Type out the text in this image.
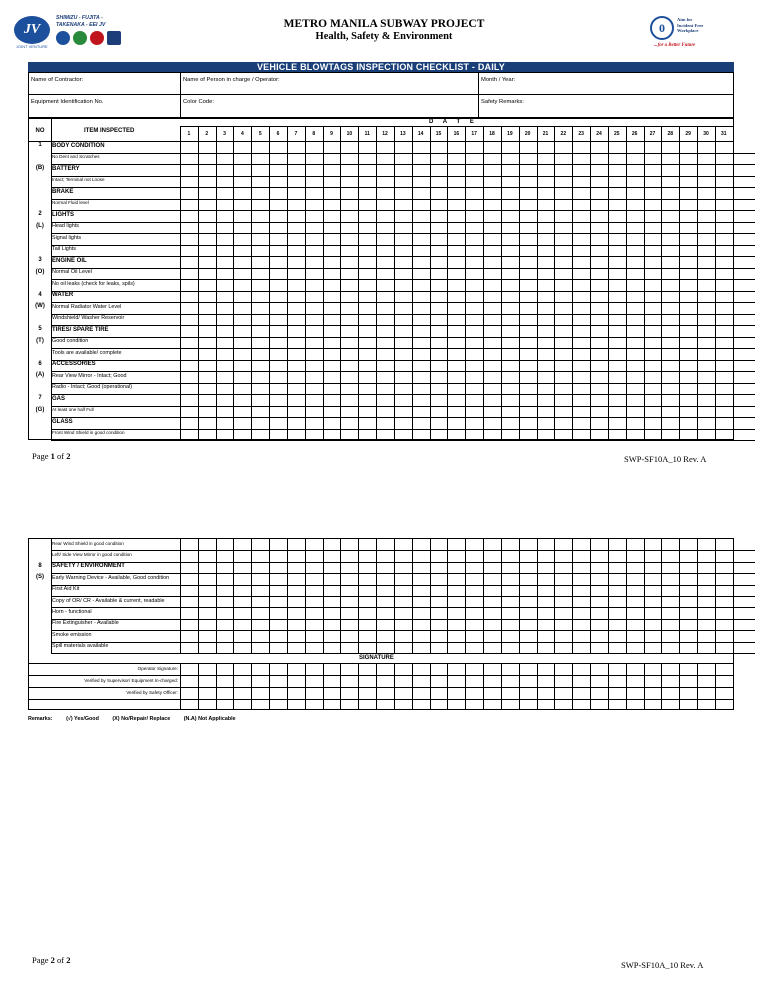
JV
JOINT VENTURE
SHIMIZU - FUJITA -
TAKENAKA - EEI JV	METRO MANILA SUBWAY PROJECT
Health, Safety & Environment
0
Aim for
Incident Free
Workplace
...for a Better Future
VEHICLE BLOWTAGS INSPECTION CHECKLIST - DAILY
Name of Contractor:	Name of Person in charge / Operator:	Month / Year:
Equipment Identification No.	Color Code:	Safety Remarks:
NO	ITEM INSPECTED
D A T E
1	2	3	4	5	6	7	8	9	10	11	12	13	14	15	16	17	18	19	20	21	22	23	24	25	26	27	28	29	30	31
1	BODY CONDITION
No Dent and Scratches
(B)	BATTERY
Intact; Terminal not Loose
BRAKE
Normal Fluid level
2	LIGHTS
(L)	Head lights
Signal lights
Tail Lights
3	ENGINE OIL
(O)	Normal Oil Level
No oil leaks (check for leaks, spils)
4	WATER
(W)	Normal Radiator Water Level
Windshield/ Washer Reservoir
5	TIRES/ SPARE TIRE
(T)	Good condition
Tools are available/ complete
6	ACCESSORIES
(A)	Rear View Mirror - Intact; Good
Radio - Intact; Good (operational)
7	GAS
(G)	At least one half Full
GLASS
Front Wind Shield in good condition
Page 1 of 2	SWP-SF10A_10 Rev. A
Rear Wind Shield in good condition
Left/ Side View Mirror in good condition
8	SAFETY / ENVIRONMENT
(S)	Early Warning Device - Available, Good condition
First Aid Kit
Copy of OR/ CR - Available & current, readable
Horn - functional
Fire Extinguisher - Available
Smoke emission
Spill materials available
SIGNATURE
Operator Signature:
Verified by Supervisor/ Equipment In-charged:
Verified by Safety Officer:
Remarks:	(√) Yes/Good	(X) No/Repair/ Replace	(N.A) Not Applicable
Page 2 of 2	SWP-SF10A_10 Rev. A
